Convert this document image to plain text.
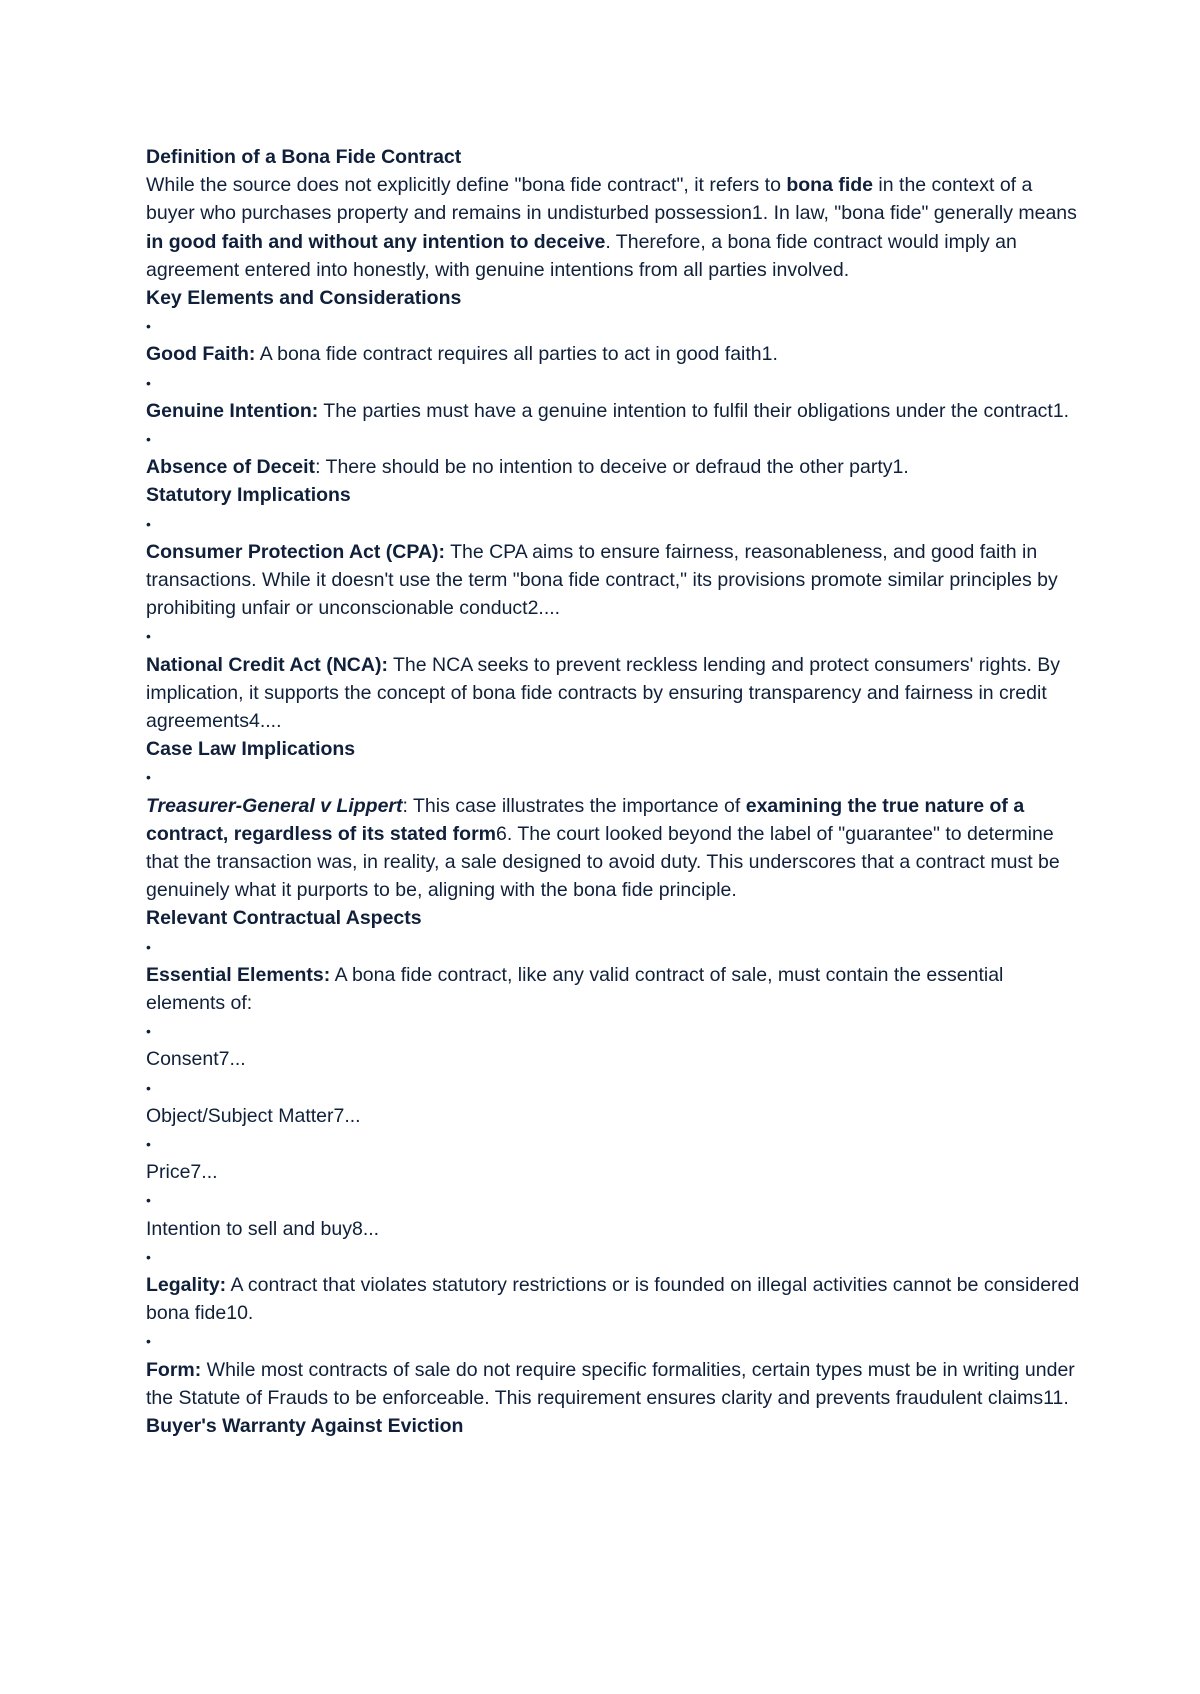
Definition of a Bona Fide Contract
While the source does not explicitly define "bona fide contract", it refers to bona fide in the context of a buyer who purchases property and remains in undisturbed possession1. In law, "bona fide" generally means in good faith and without any intention to deceive. Therefore, a bona fide contract would imply an agreement entered into honestly, with genuine intentions from all parties involved.
Key Elements and Considerations
•
Good Faith: A bona fide contract requires all parties to act in good faith1.
•
Genuine Intention: The parties must have a genuine intention to fulfil their obligations under the contract1.
•
Absence of Deceit: There should be no intention to deceive or defraud the other party1.
Statutory Implications
•
Consumer Protection Act (CPA): The CPA aims to ensure fairness, reasonableness, and good faith in transactions. While it doesn't use the term "bona fide contract," its provisions promote similar principles by prohibiting unfair or unconscionable conduct2....
•
National Credit Act (NCA): The NCA seeks to prevent reckless lending and protect consumers' rights. By implication, it supports the concept of bona fide contracts by ensuring transparency and fairness in credit agreements4....
Case Law Implications
•
Treasurer-General v Lippert: This case illustrates the importance of examining the true nature of a contract, regardless of its stated form6. The court looked beyond the label of "guarantee" to determine that the transaction was, in reality, a sale designed to avoid duty. This underscores that a contract must be genuinely what it purports to be, aligning with the bona fide principle.
Relevant Contractual Aspects
•
Essential Elements: A bona fide contract, like any valid contract of sale, must contain the essential elements of:
•
Consent7...
•
Object/Subject Matter7...
•
Price7...
•
Intention to sell and buy8...
•
Legality: A contract that violates statutory restrictions or is founded on illegal activities cannot be considered bona fide10.
•
Form: While most contracts of sale do not require specific formalities, certain types must be in writing under the Statute of Frauds to be enforceable. This requirement ensures clarity and prevents fraudulent claims11.
Buyer's Warranty Against Eviction
